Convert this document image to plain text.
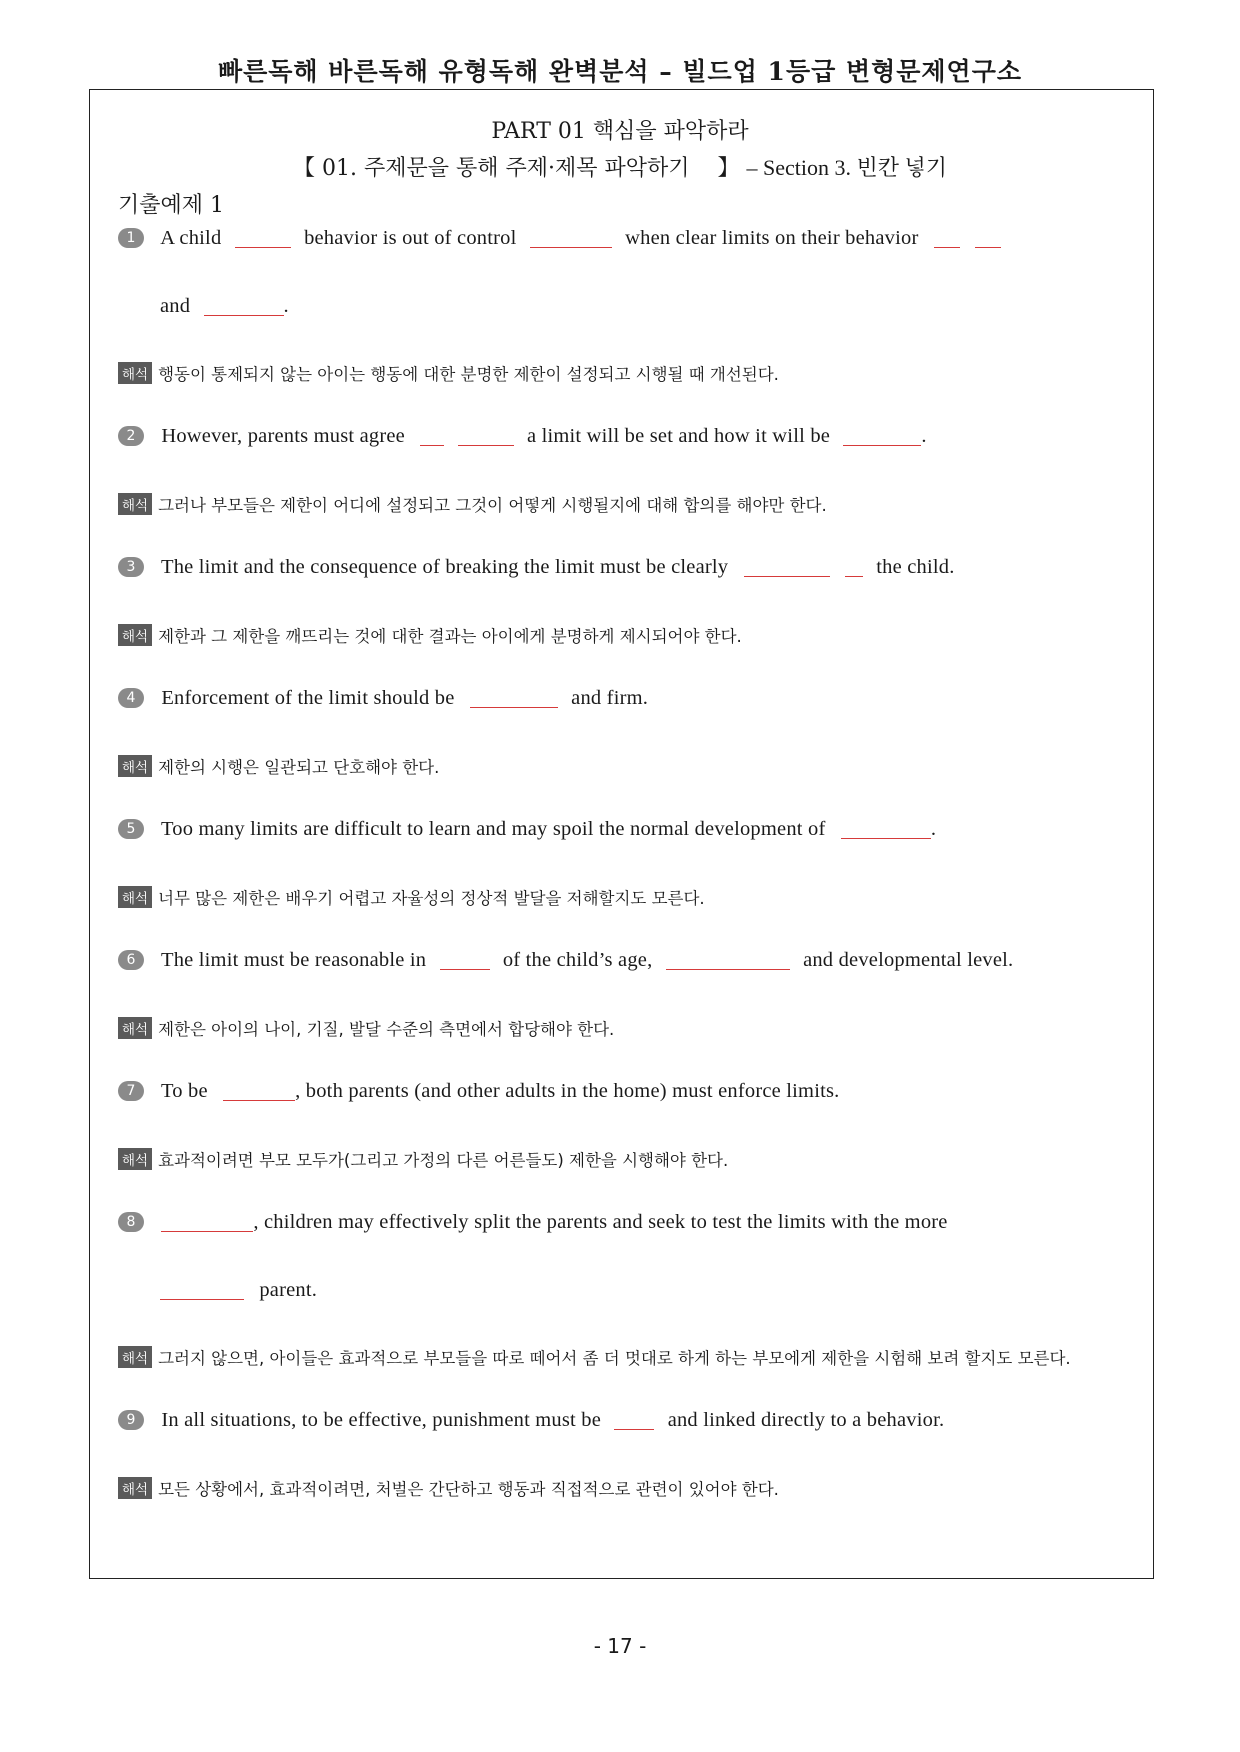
빠른독해 바른독해 유형독해 완벽분석 – 빌드업 1등급 변형문제연구소
PART 01 핵심을 파악하라
【 01. 주제문을 통해 주제·제목 파악하기 】 – Section 3. 빈칸 넣기
기출예제 1
1 A child	behavior is out of control	when clear limits on their behavior
and	.
해석 행동이 통제되지 않는 아이는 행동에 대한 분명한 제한이 설정되고 시행될 때 개선된다.
2 However, parents must agree	a limit will be set and how it will be	.
해석 그러나 부모들은 제한이 어디에 설정되고 그것이 어떻게 시행될지에 대해 합의를 해야만 한다.
3 The limit and the consequence of breaking the limit must be clearly	the child.
해석 제한과 그 제한을 깨뜨리는 것에 대한 결과는 아이에게 분명하게 제시되어야 한다.
4 Enforcement of the limit should be	and firm.
해석 제한의 시행은 일관되고 단호해야 한다.
5 Too many limits are difficult to learn and may spoil the normal development of	.
해석 너무 많은 제한은 배우기 어렵고 자율성의 정상적 발달을 저해할지도 모른다.
6 The limit must be reasonable in	of the child’s age,	and developmental level.
해석 제한은 아이의 나이, 기질, 발달 수준의 측면에서 합당해야 한다.
7 To be	, both parents (and other adults in the home) must enforce limits.
해석 효과적이려면 부모 모두가(그리고 가정의 다른 어른들도) 제한을 시행해야 한다.
8	, children may effectively split the parents and seek to test the limits with the more
parent.
해석 그러지 않으면, 아이들은 효과적으로 부모들을 따로 떼어서 좀 더 멋대로 하게 하는 부모에게 제한을 시험해 보려 할지도 모른다.
9 In all situations, to be effective, punishment must be	and linked directly to a behavior.
해석 모든 상황에서, 효과적이려면, 처벌은 간단하고 행동과 직접적으로 관련이 있어야 한다.
- 17 -
